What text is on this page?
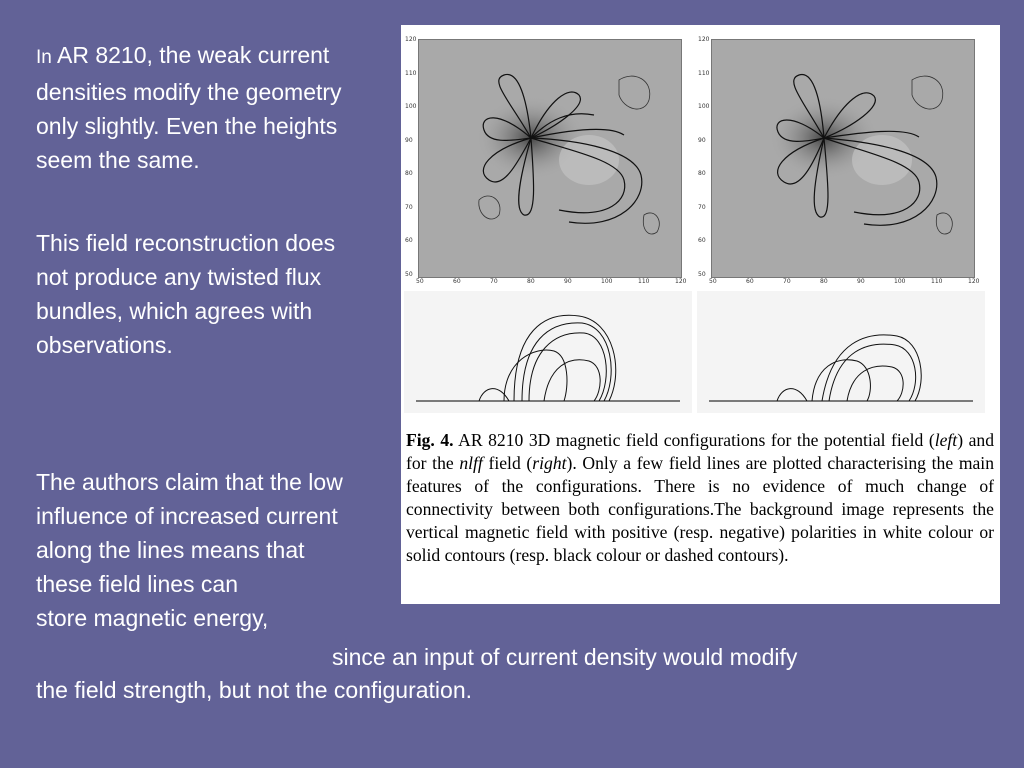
In AR 8210, the weak current densities modify the geometry only slightly. Even the heights seem the same.
This field reconstruction does not produce any twisted flux bundles, which agrees with observations.
The authors claim that the low influence of increased current along the lines means that these field lines can
store magnetic energy,
since an input of current density would modify
the field strength, but not the configuration.
120
110
100
90
80
70
60
50
50	60	70	80	90	100	110	120
120
110
100
90
80
70
60
50
50	60	70	80	90	100	110	120
Fig. 4. AR 8210 3D magnetic field configurations for the potential field (left) and for the nlff field (right). Only a few field lines are plotted characterising the main features of the configurations. There is no evidence of much change of connectivity between both configurations.The background image represents the vertical magnetic field with positive (resp. negative) polarities in white colour or solid contours (resp. black colour or dashed contours).
